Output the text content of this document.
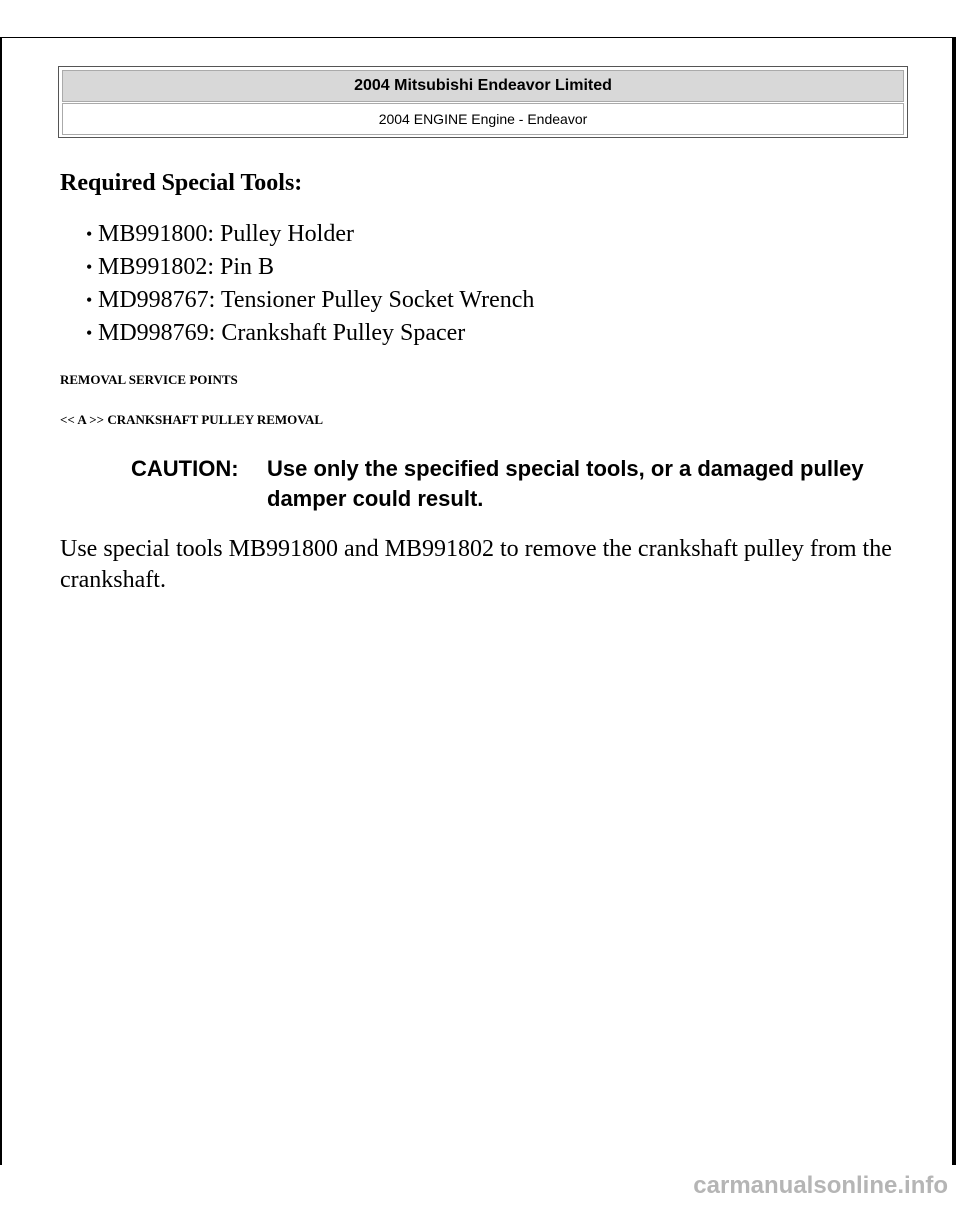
2004 Mitsubishi Endeavor Limited
2004 ENGINE Engine - Endeavor
Required Special Tools:
• MB991800: Pulley Holder
• MB991802: Pin B
• MD998767: Tensioner Pulley Socket Wrench
• MD998769: Crankshaft Pulley Spacer

REMOVAL SERVICE POINTS

<< A >> CRANKSHAFT PULLEY REMOVAL

CAUTION: Use only the specified special tools, or a damaged pulley damper could result.

Use special tools MB991800 and MB991802 to remove the crankshaft pulley from the crankshaft.

carmanualsonline.info
